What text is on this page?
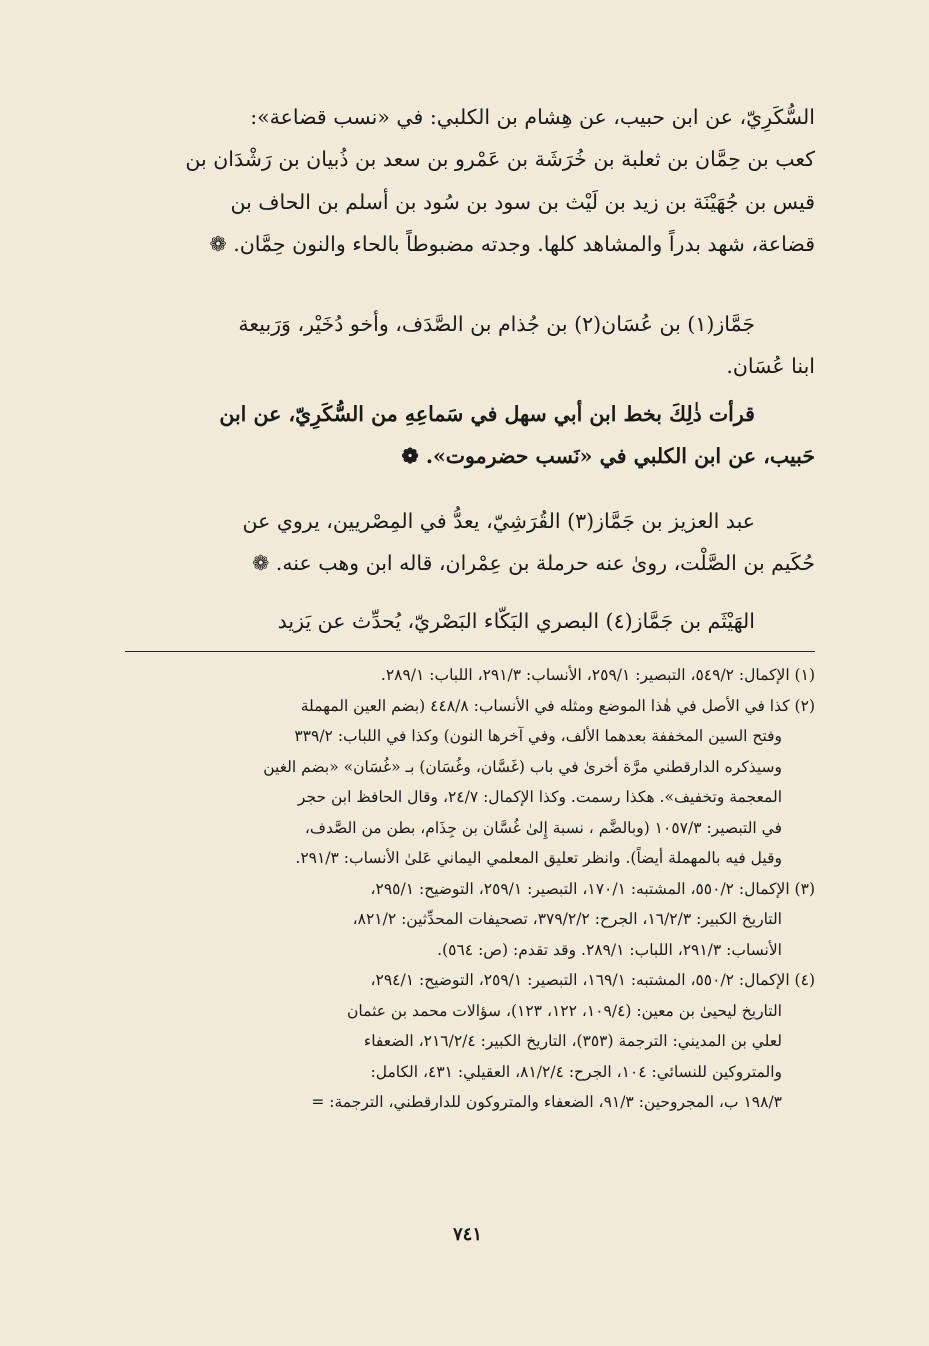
السُّكَرِيّ، عن ابن حبيب، عن هِشام بن الكلبي: في «نسب قضاعة»:
كعب بن حِمَّان بن ثعلبة بن خُرَشَة بن عَمْرو بن سعد بن ذُبيان بن رَشْدَان بن
قيس بن جُهَيْنَة بن زيد بن لَيْث بن سود بن سُود بن أسلم بن الحاف بن
قضاعة، شهد بدراً والمشاهد كلها. وجدته مضبوطاً بالحاء والنون حِمَّان. ❁

جَمَّاز(١) بن عُسَان(٢) بن جُذام بن الصَّدَف، وأخو دُخَيْر، وَرَبيعة
ابنا عُسَان.

قرأت ذٰلِكَ بخط ابن أبي سهل في سَماعِهِ من السُّكَرِيّ، عن ابن
حَبيب، عن ابن الكلبي في «نَسب حضرموت». ❁

عبد العزيز بن جَمَّاز(٣) القُرَشِيّ، يعدُّ في المِصْريين، يروي عن
حُكَيم بن الصَّلْت، روىٰ عنه حرملة بن عِمْران، قاله ابن وهب عنه. ❁

الهَيْثَم بن جَمَّاز(٤) البصري البَكّاء البَصْريّ، يُحدِّث عن يَزيد

(١) الإكمال: ٥٤٩/٢، التبصير: ٢٥٩/١، الأنساب: ٢٩١/٣، اللباب: ٢٨٩/١.

(٢) كذا في الأصل في هٰذا الموضع ومثله في الأنساب: ٤٤٨/٨ (بضم العين المهملة
وفتح السين المخففة بعدهما الألف، وفي آخرها النون) وكذا في اللباب: ٣٣٩/٢
وسيذكره الدارقطني مرَّة أخرىٰ في باب (غَسَّان، وغُسَان) بـ «غُسَان» «بضم الغين
المعجمة وتخفيف». هكذا رسمت. وكذا الإكمال: ٢٤/٧، وقال الحافظ ابن حجر
في التبصير: ١٠٥٧/٣ (وبالضَّم ، نسبة إِلىٰ غُسَّان بن جِذَام، بطن من الصَّدف،
وقيل فيه بالمهملة أيضاً). وانظر تعليق المعلمي اليماني عَلىٰ الأنساب: ٢٩١/٣.

(٣) الإكمال: ٥٥٠/٢، المشتبه: ١٧٠/١، التبصير: ٢٥٩/١، التوضيح: ٢٩٥/١،
التاريخ الكبير: ١٦/٢/٣، الجرح: ٣٧٩/٢/٢، تصحيفات المحدِّثين: ٨٢١/٢،
الأنساب: ٢٩١/٣، اللباب: ٢٨٩/١. وقد تقدم: (ص: ٥٦٤).

(٤) الإكمال: ٥٥٠/٢، المشتبه: ١٦٩/١، التبصير: ٢٥٩/١، التوضيح: ٢٩٤/١،
التاريخ ليحيىٰ بن معين: (١٠٩/٤، ١٢٢، ١٢٣)، سؤالات محمد بن عثمان
لعلي بن المديني: الترجمة (٣٥٣)، التاريخ الكبير: ٢١٦/٢/٤، الضعفاء
والمتروكين للنسائي: ١٠٤، الجرح: ٨١/٢/٤، العقيلي: ٤٣١، الكامل:
١٩٨/٣ ب، المجروحين: ٩١/٣، الضعفاء والمتروكون للدارقطني، الترجمة: =

٧٤١
